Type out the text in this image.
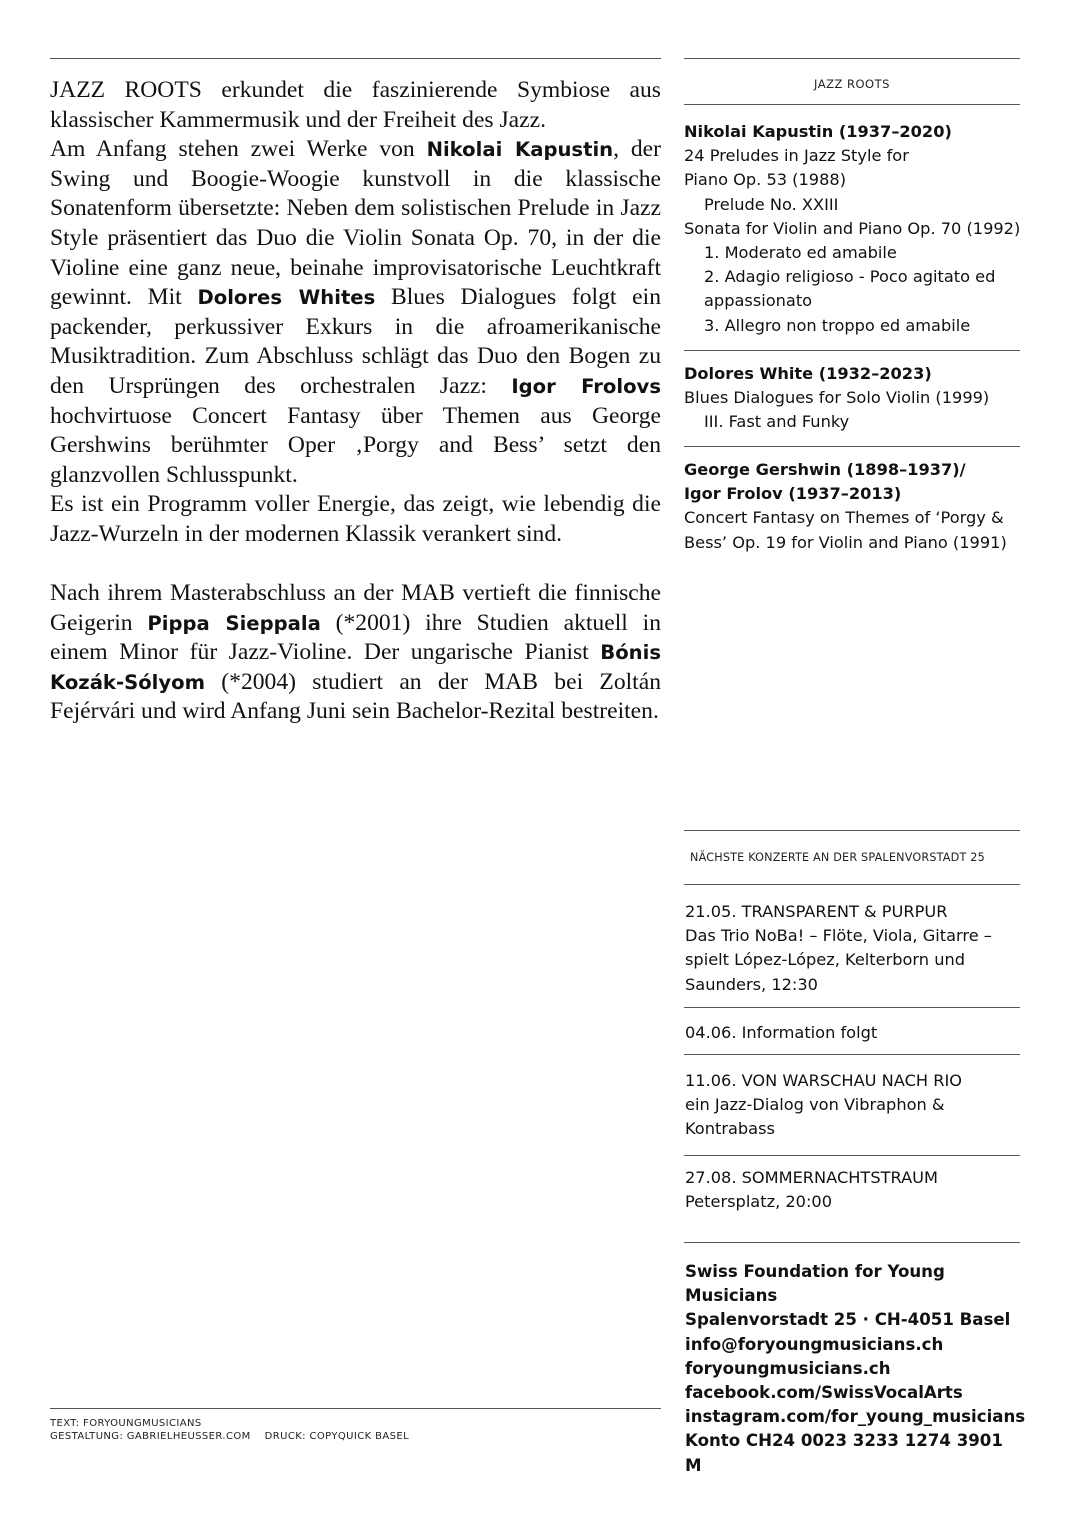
JAZZ ROOTS erkundet die faszinierende Symbiose aus klassischer Kammermusik und der Freiheit des Jazz.

Am Anfang stehen zwei Werke von Nikolai Kapustin, der Swing und Boogie-Woogie kunstvoll in die klassische Sonatenform übersetzte: Neben dem solistischen Prelude in Jazz Style präsentiert das Duo die Violin Sonata Op. 70, in der die Violine eine ganz neue, beinahe improvisatorische Leuchtkraft gewinnt. Mit Dolores Whites Blues Dialogues folgt ein packender, perkussiver Exkurs in die afroamerikanische Musiktradition. Zum Abschluss schlägt das Duo den Bogen zu den Ursprüngen des orchestralen Jazz: Igor Frolovs hochvirtuose Concert Fantasy über Themen aus George Gershwins berühmter Oper ‚Porgy and Bess’ setzt den glanzvollen Schlusspunkt.

Es ist ein Programm voller Energie, das zeigt, wie lebendig die Jazz-Wurzeln in der modernen Klassik verankert sind.

Nach ihrem Masterabschluss an der MAB vertieft die finnische Geigerin Pippa Sieppala (*2001) ihre Studien aktuell in einem Minor für Jazz-Violine. Der ungarische Pianist Bónis Kozák-Sólyom (*2004) studiert an der MAB bei Zoltán Fejérvári und wird Anfang Juni sein Bachelor-Rezital bestreiten.

TEXT: FORYOUNGMUSICIANS
GESTALTUNG: GABRIELHEUSSER.COM DRUCK: COPYQUICK BASEL
JAZZ ROOTS
Nikolai Kapustin (1937–2020)
24 Preludes in Jazz Style for
Piano Op. 53 (1988)
Prelude No. XXIII
Sonata for Violin and Piano Op. 70 (1992)
1. Moderato ed amabile
2. Adagio religioso - Poco agitato ed appassionato
3. Allegro non troppo ed amabile
Dolores White (1932–2023)
Blues Dialogues for Solo Violin (1999)
III. Fast and Funky
George Gershwin (1898–1937)/
Igor Frolov (1937–2013)
Concert Fantasy on Themes of ‘Porgy & Bess’ Op. 19 for Violin and Piano (1991)
NÄCHSTE KONZERTE AN DER SPALENVORSTADT 25
21.05. TRANSPARENT & PURPUR
Das Trio NoBa! – Flöte, Viola, Gitarre – spielt López-López, Kelterborn und Saunders, 12:30
04.06. Information folgt
11.06. VON WARSCHAU NACH RIO
ein Jazz-Dialog von Vibraphon & Kontrabass
27.08. SOMMERNACHTSTRAUM
Petersplatz, 20:00
Swiss Foundation for Young Musicians
Spalenvorstadt 25 · CH-4051 Basel
info@foryoungmusicians.ch
foryoungmusicians.ch
facebook.com/SwissVocalArts
instagram.com/for_young_musicians
Konto CH24 0023 3233 1274 3901 M
